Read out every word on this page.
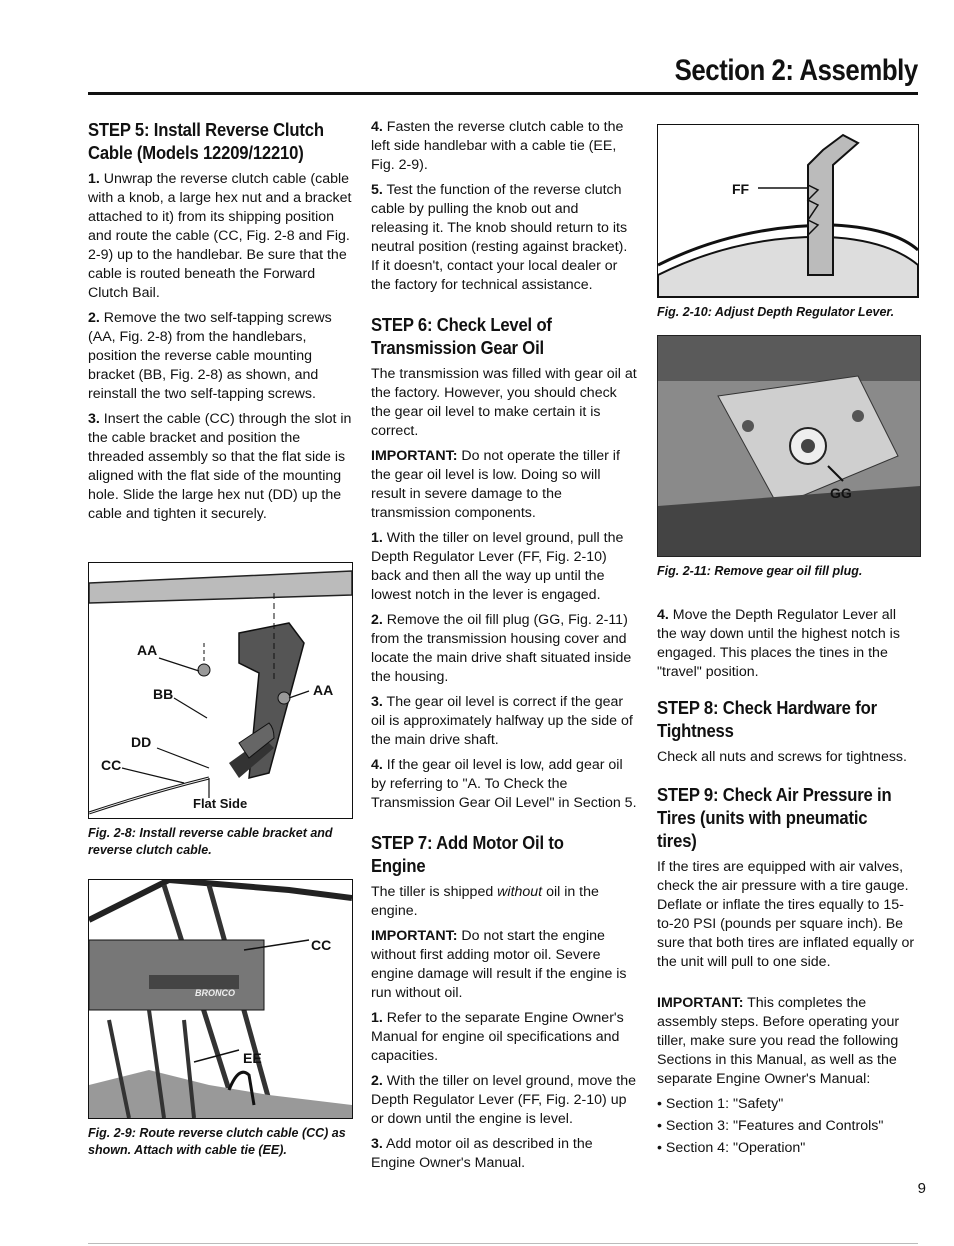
Section 2: Assembly
STEP 5: Install Reverse Clutch Cable (Models 12209/12210)

1. Unwrap the reverse clutch cable (cable with a knob, a large hex nut and a bracket attached to it) from its shipping position and route the cable (CC, Fig. 2-8 and Fig. 2-9) up to the handlebar. Be sure that the cable is routed beneath the Forward Clutch Bail.

2. Remove the two self-tapping screws (AA, Fig. 2-8) from the handlebars, position the reverse cable mounting bracket (BB, Fig. 2-8) as shown, and reinstall the two self-tapping screws.

3. Insert the cable (CC) through the slot in the cable bracket and position the threaded assembly so that the flat side is aligned with the flat side of the mounting hole. Slide the large hex nut (DD) up the cable and tighten it securely.

AA
BB	AA
DD
CC
Flat Side
Fig. 2-8: Install reverse cable bracket and reverse clutch cable.
BRONCO
CC
EE
Fig. 2-9: Route reverse clutch cable (CC) as shown. Attach with cable tie (EE).

4. Fasten the reverse clutch cable to the left side handlebar with a cable tie (EE, Fig. 2-9).

5. Test the function of the reverse clutch cable by pulling the knob out and releasing it. The knob should return to its neutral position (resting against bracket). If it doesn't, contact your local dealer or the factory for technical assistance.

STEP 6: Check Level of Transmission Gear Oil

The transmission was filled with gear oil at the factory. However, you should check the gear oil level to make certain it is correct.

IMPORTANT: Do not operate the tiller if the gear oil level is low. Doing so will result in severe damage to the transmission components.

1. With the tiller on level ground, pull the Depth Regulator Lever (FF, Fig. 2-10) back and then all the way up until the lowest notch in the lever is engaged.

2. Remove the oil fill plug (GG, Fig. 2-11) from the transmission housing cover and locate the main drive shaft situated inside the housing.

3. The gear oil level is correct if the gear oil is approximately halfway up the side of the main drive shaft.

4. If the gear oil level is low, add gear oil by referring to "A. To Check the Transmission Gear Oil Level" in Section 5.

STEP 7: Add Motor Oil to Engine

The tiller is shipped without oil in the engine.

IMPORTANT: Do not start the engine without first adding motor oil. Severe engine damage will result if the engine is run without oil.

1. Refer to the separate Engine Owner's Manual for engine oil specifications and capacities.

2. With the tiller on level ground, move the Depth Regulator Lever (FF, Fig. 2-10) up or down until the engine is level.

3. Add motor oil as described in the Engine Owner's Manual.

FF
Fig. 2-10: Adjust Depth Regulator Lever.
GG
Fig. 2-11: Remove gear oil fill plug.

4. Move the Depth Regulator Lever all the way down until the highest notch is engaged. This places the tines in the "travel" position.

STEP 8: Check Hardware for Tightness

Check all nuts and screws for tightness.

STEP 9: Check Air Pressure in Tires (units with pneumatic tires)

If the tires are equipped with air valves, check the air pressure with a tire gauge. Deflate or inflate the tires equally to 15-to-20 PSI (pounds per square inch). Be sure that both tires are inflated equally or the unit will pull to one side.

IMPORTANT: This completes the assembly steps. Before operating your tiller, make sure you read the following Sections in this Manual, as well as the separate Engine Owner's Manual:

• Section 1: "Safety"

• Section 3: "Features and Controls"

• Section 4: "Operation"

9
